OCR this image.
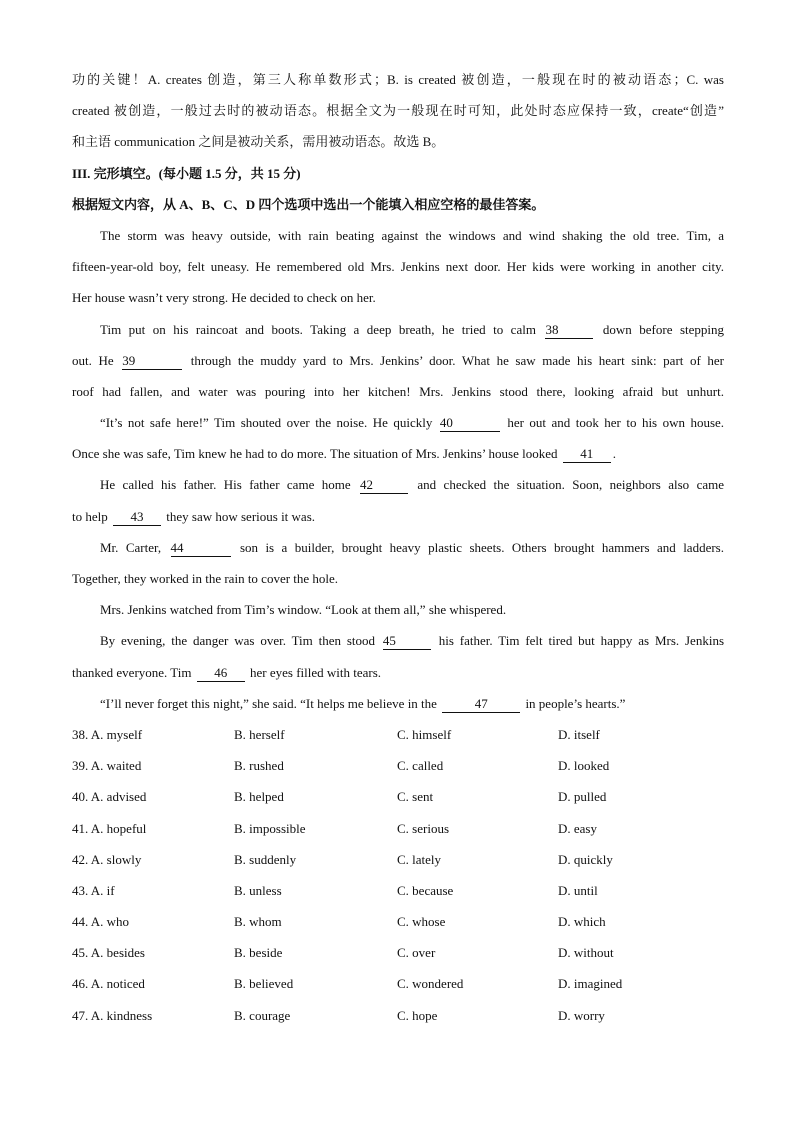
功的关键！A. creates 创造，第三人称单数形式；B. is created 被创造，一般现在时的被动语态；C. was
created 被创造，一般过去时的被动语态。根据全文为一般现在时可知，此处时态应保持一致，create“创造”
和主语 communication 之间是被动关系，需用被动语态。故选 B。
III. 完形填空。(每小题 1.5 分，共 15 分)
根据短文内容，从 A、B、C、D 四个选项中选出一个能填入相应空格的最佳答案。
The storm was heavy outside, with rain beating against the windows and wind shaking the old tree. Tim, a
fifteen-year-old boy, felt uneasy. He remembered old Mrs. Jenkins next door. Her kids were working in another city.
Her house wasn’t very strong. He decided to check on her.
Tim put on his raincoat and boots. Taking a deep breath, he tried to calm 38	down before stepping
out. He 39	through the muddy yard to Mrs. Jenkins’ door. What he saw made his heart sink: part of her
roof had fallen, and water was pouring into her kitchen! Mrs. Jenkins stood there, looking afraid but unhurt.
“It’s not safe here!” Tim shouted over the noise. He quickly 40	her out and took her to his own house.
Once she was safe, Tim knew he had to do more. The situation of Mrs. Jenkins’ house looked 41 .
He called his father. His father came home 42	and checked the situation. Soon, neighbors also came
to help 43 they saw how serious it was.
Mr. Carter, 44	son is a builder, brought heavy plastic sheets. Others brought hammers and ladders.
Together, they worked in the rain to cover the hole.
Mrs. Jenkins watched from Tim’s window. “Look at them all,” she whispered.
By evening, the danger was over. Tim then stood 45	his father. Tim felt tired but happy as Mrs. Jenkins
thanked everyone. Tim 46 her eyes filled with tears.
“I’ll never forget this night,” she said. “It helps me believe in the	47	in people’s hearts.”
38. A. myself	B. herself	C. himself	D. itself
39. A. waited	B. rushed	C. called	D. looked
40. A. advised	B. helped	C. sent	D. pulled
41. A. hopeful	B. impossible	C. serious	D. easy
42. A. slowly	B. suddenly	C. lately	D. quickly
43. A. if	B. unless	C. because	D. until
44. A. who	B. whom	C. whose	D. which
45. A. besides	B. beside	C. over	D. without
46. A. noticed	B. believed	C. wondered	D. imagined
47. A. kindness	B. courage	C. hope	D. worry
